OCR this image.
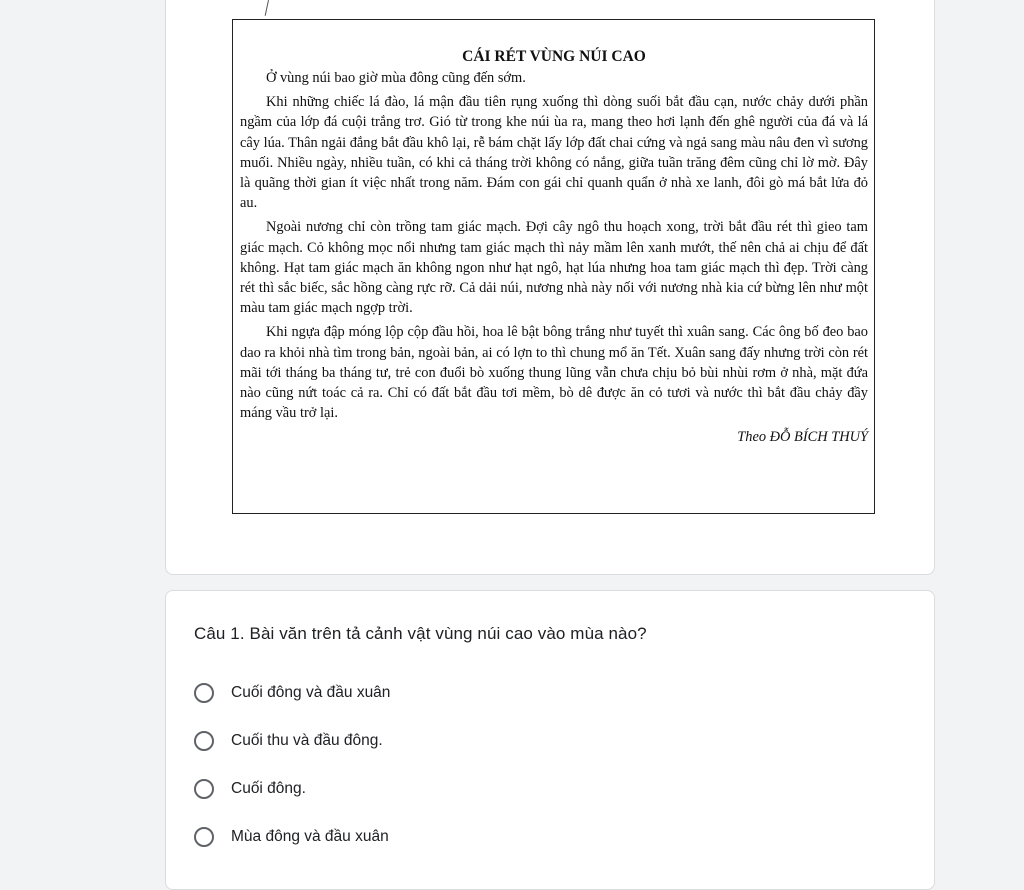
CÁI RÉT VÙNG NÚI CAO

Ở vùng núi bao giờ mùa đông cũng đến sớm.

Khi những chiếc lá đào, lá mận đầu tiên rụng xuống thì dòng suối bắt đầu cạn, nước chảy dưới phần ngầm của lớp đá cuội trắng trơ. Gió từ trong khe núi ùa ra, mang theo hơi lạnh đến ghê người của đá và lá cây lúa. Thân ngải đắng bắt đầu khô lại, rễ bám chặt lấy lớp đất chai cứng và ngả sang màu nâu đen vì sương muối. Nhiều ngày, nhiều tuần, có khi cả tháng trời không có nắng, giữa tuần trăng đêm cũng chỉ lờ mờ. Đây là quãng thời gian ít việc nhất trong năm. Đám con gái chỉ quanh quẩn ở nhà xe lanh, đôi gò má bắt lửa đỏ au.

Ngoài nương chỉ còn trồng tam giác mạch. Đợi cây ngô thu hoạch xong, trời bắt đầu rét thì gieo tam giác mạch. Cỏ không mọc nổi nhưng tam giác mạch thì nảy mầm lên xanh mướt, thế nên chả ai chịu để đất không. Hạt tam giác mạch ăn không ngon như hạt ngô, hạt lúa nhưng hoa tam giác mạch thì đẹp. Trời càng rét thì sắc biếc, sắc hồng càng rực rỡ. Cả dải núi, nương nhà này nối với nương nhà kia cứ bừng lên như một màu tam giác mạch ngợp trời.

Khi ngựa đập móng lộp cộp đầu hồi, hoa lê bật bông trắng như tuyết thì xuân sang. Các ông bố đeo bao dao ra khỏi nhà tìm trong bản, ngoài bản, ai có lợn to thì chung mổ ăn Tết. Xuân sang đấy nhưng trời còn rét mãi tới tháng ba tháng tư, trẻ con đuổi bò xuống thung lũng vẫn chưa chịu bỏ bùi nhùi rơm ở nhà, mặt đứa nào cũng nứt toác cả ra. Chỉ có đất bắt đầu tơi mềm, bò dê được ăn cỏ tươi và nước thì bắt đầu chảy đầy máng vầu trở lại.

Theo ĐỖ BÍCH THUÝ
Câu 1. Bài văn trên tả cảnh vật vùng núi cao vào mùa nào?
Cuối đông và đầu xuân
Cuối thu và đầu đông.
Cuối đông.
Mùa đông và đầu xuân
